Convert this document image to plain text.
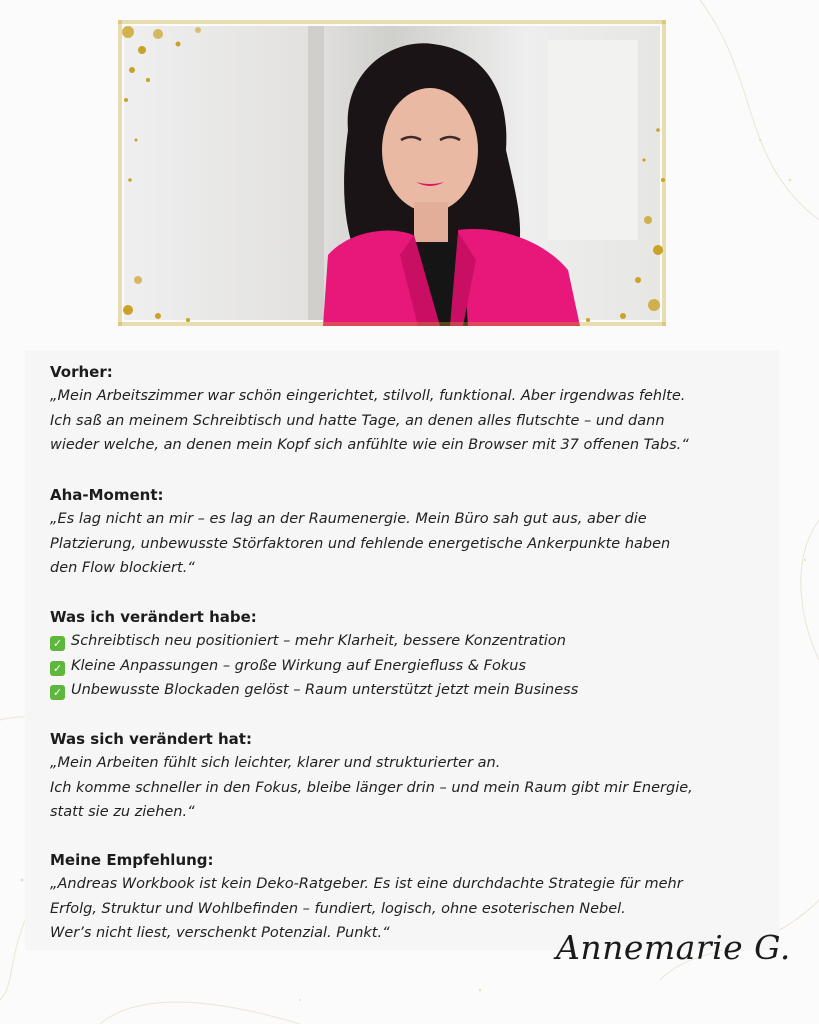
Vorher:

„Mein Arbeitszimmer war schön eingerichtet, stilvoll, funktional. Aber irgendwas fehlte.
Ich saß an meinem Schreibtisch und hatte Tage, an denen alles flutschte – und dann
wieder welche, an denen mein Kopf sich anfühlte wie ein Browser mit 37 offenen Tabs.“

Aha-Moment:

„Es lag nicht an mir – es lag an der Raumenergie. Mein Büro sah gut aus, aber die
Platzierung, unbewusste Störfaktoren und fehlende energetische Ankerpunkte haben
den Flow blockiert.“

Was ich verändert habe:

✓ Schreibtisch neu positioniert – mehr Klarheit, bessere Konzentration
✓ Kleine Anpassungen – große Wirkung auf Energiefluss & Fokus
✓ Unbewusste Blockaden gelöst – Raum unterstützt jetzt mein Business

Was sich verändert hat:

„Mein Arbeiten fühlt sich leichter, klarer und strukturierter an.
Ich komme schneller in den Fokus, bleibe länger drin – und mein Raum gibt mir Energie,
statt sie zu ziehen.“

Meine Empfehlung:

„Andreas Workbook ist kein Deko-Ratgeber. Es ist eine durchdachte Strategie für mehr
Erfolg, Struktur und Wohlbefinden – fundiert, logisch, ohne esoterischen Nebel.
Wer’s nicht liest, verschenkt Potenzial. Punkt.“	Annemarie G.
